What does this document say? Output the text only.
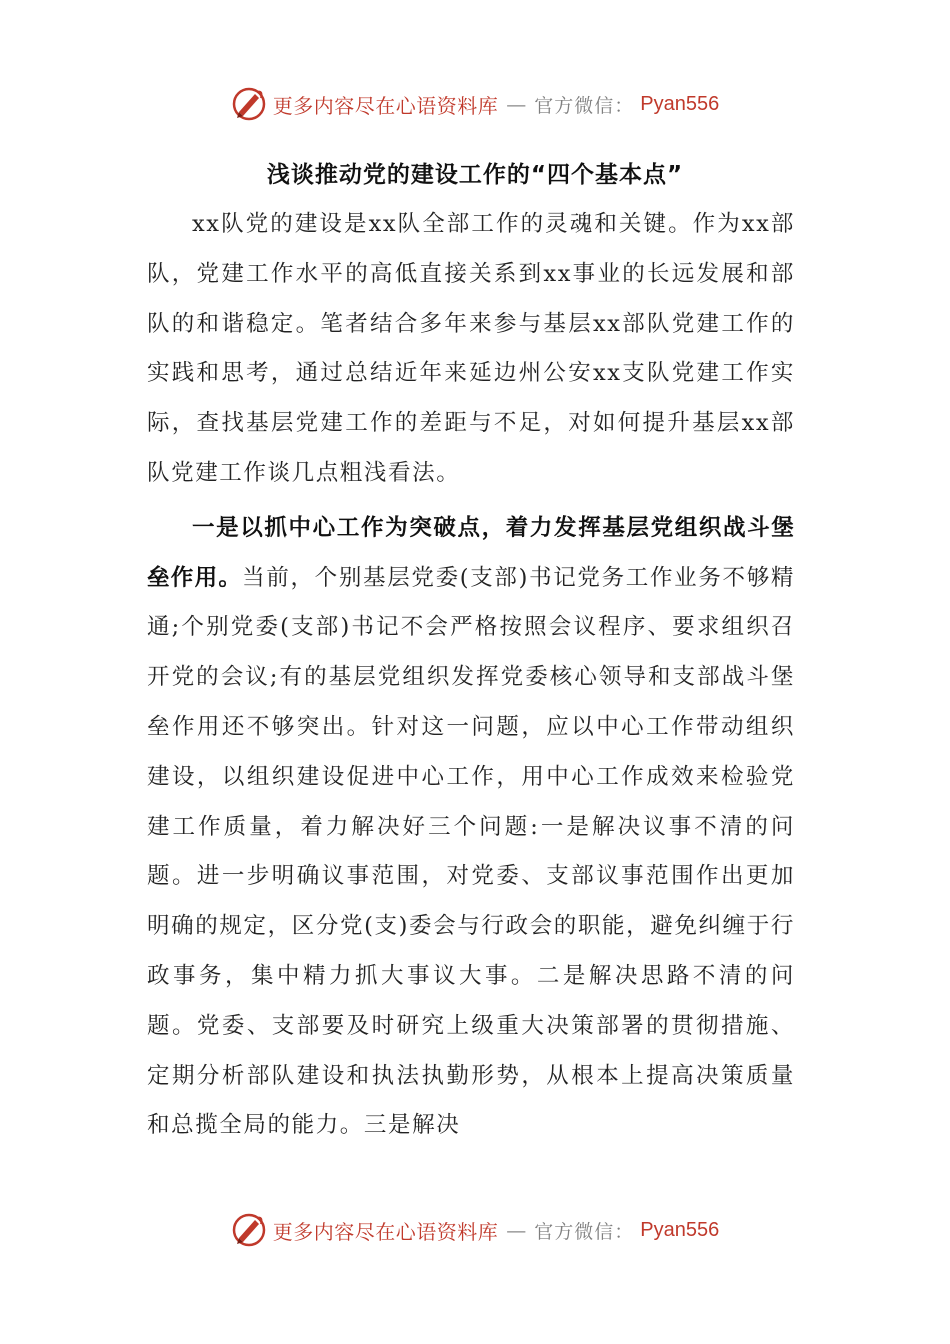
更多内容尽在心语资料库 — 官方微信： Pyan556
浅谈推动党的建设工作的“四个基本点”

xx队党的建设是xx队全部工作的灵魂和关键。作为xx部队，党建工作水平的高低直接关系到xx事业的长远发展和部队的和谐稳定。笔者结合多年来参与基层xx部队党建工作的实践和思考，通过总结近年来延边州公安xx支队党建工作实际，查找基层党建工作的差距与不足，对如何提升基层xx部队党建工作谈几点粗浅看法。

一是以抓中心工作为突破点，着力发挥基层党组织战斗堡垒作用。当前，个别基层党委(支部)书记党务工作业务不够精通;个别党委(支部)书记不会严格按照会议程序、要求组织召开党的会议;有的基层党组织发挥党委核心领导和支部战斗堡垒作用还不够突出。针对这一问题，应以中心工作带动组织建设，以组织建设促进中心工作，用中心工作成效来检验党建工作质量，着力解决好三个问题:一是解决议事不清的问题。进一步明确议事范围，对党委、支部议事范围作出更加明确的规定，区分党(支)委会与行政会的职能，避免纠缠于行政事务，集中精力抓大事议大事。二是解决思路不清的问题。党委、支部要及时研究上级重大决策部署的贯彻措施、定期分析部队建设和执法执勤形势，从根本上提高决策质量和总揽全局的能力。三是解决

更多内容尽在心语资料库 — 官方微信： Pyan556
